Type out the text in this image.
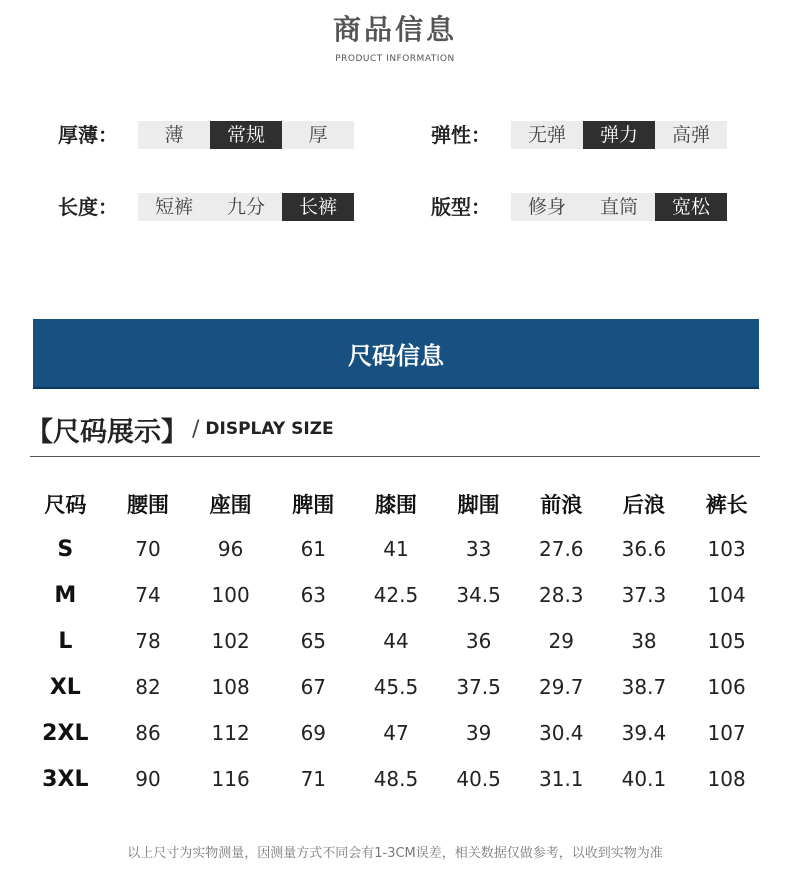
商品信息
PRODUCT INFORMATION
厚薄：	薄	常规	厚	弹性：	无弹	弹力	高弹
长度：	短裤	九分	长裤	版型：	修身	直筒	宽松
尺码信息
【尺码展示】 / DISPLAY SIZE
尺码	腰围	座围	脾围	膝围	脚围	前浪	后浪	裤长
S	70	96	61	41	33	27.6	36.6	103
M	74	100	63	42.5	34.5	28.3	37.3	104
L	78	102	65	44	36	29	38	105
XL	82	108	67	45.5	37.5	29.7	38.7	106
2XL	86	112	69	47	39	30.4	39.4	107
3XL	90	116	71	48.5	40.5	31.1	40.1	108
以上尺寸为实物测量，因测量方式不同会有1-3CM误差，相关数据仅做参考，以收到实物为准
